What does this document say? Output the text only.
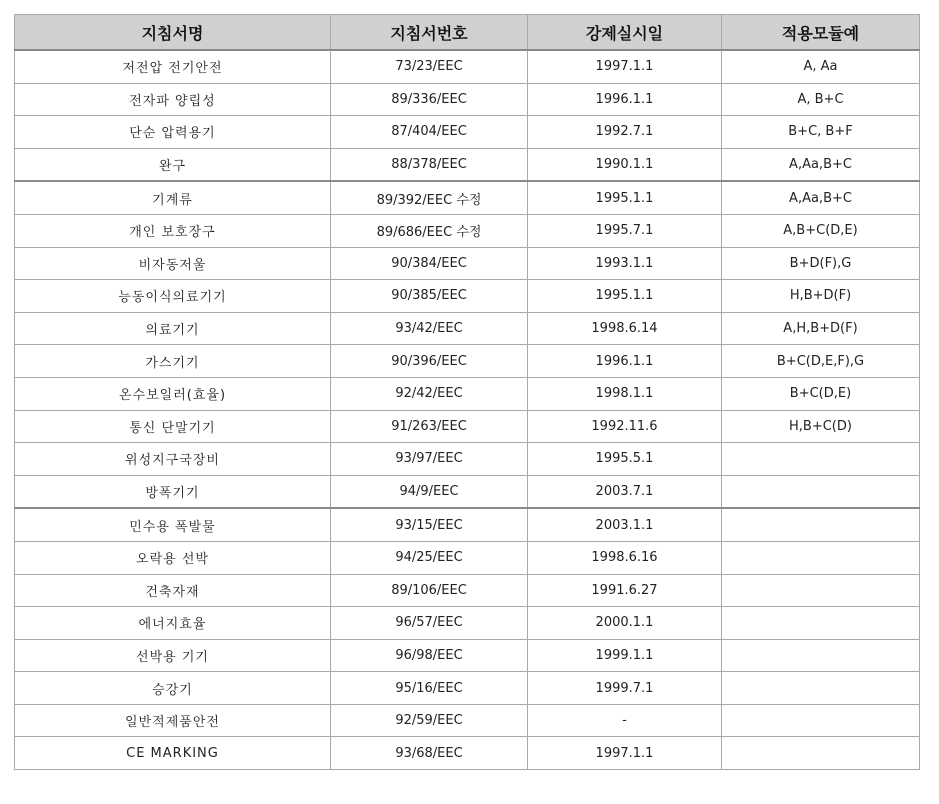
지침서명	지침서번호	강제실시일	적용모듈예
저전압 전기안전	73/23/EEC	1997.1.1	A, Aa
전자파 양립성	89/336/EEC	1996.1.1	A, B+C
단순 압력용기	87/404/EEC	1992.7.1	B+C, B+F
완구	88/378/EEC	1990.1.1	A,Aa,B+C
기계류	89/392/EEC 수정	1995.1.1	A,Aa,B+C
개인 보호장구	89/686/EEC 수정	1995.7.1	A,B+C(D,E)
비자동저울	90/384/EEC	1993.1.1	B+D(F),G
능동이식의료기기	90/385/EEC	1995.1.1	H,B+D(F)
의료기기	93/42/EEC	1998.6.14	A,H,B+D(F)
가스기기	90/396/EEC	1996.1.1	B+C(D,E,F),G
온수보일러(효율)	92/42/EEC	1998.1.1	B+C(D,E)
통신 단말기기	91/263/EEC	1992.11.6	H,B+C(D)
위성지구국장비	93/97/EEC	1995.5.1	
방폭기기	94/9/EEC	2003.7.1	
민수용 폭발물	93/15/EEC	2003.1.1	
오락용 선박	94/25/EEC	1998.6.16	
건축자재	89/106/EEC	1991.6.27	
에너지효율	96/57/EEC	2000.1.1	
선박용 기기	96/98/EEC	1999.1.1	
승강기	95/16/EEC	1999.7.1	
일반적제품안전	92/59/EEC	-	
CE MARKING	93/68/EEC	1997.1.1	
